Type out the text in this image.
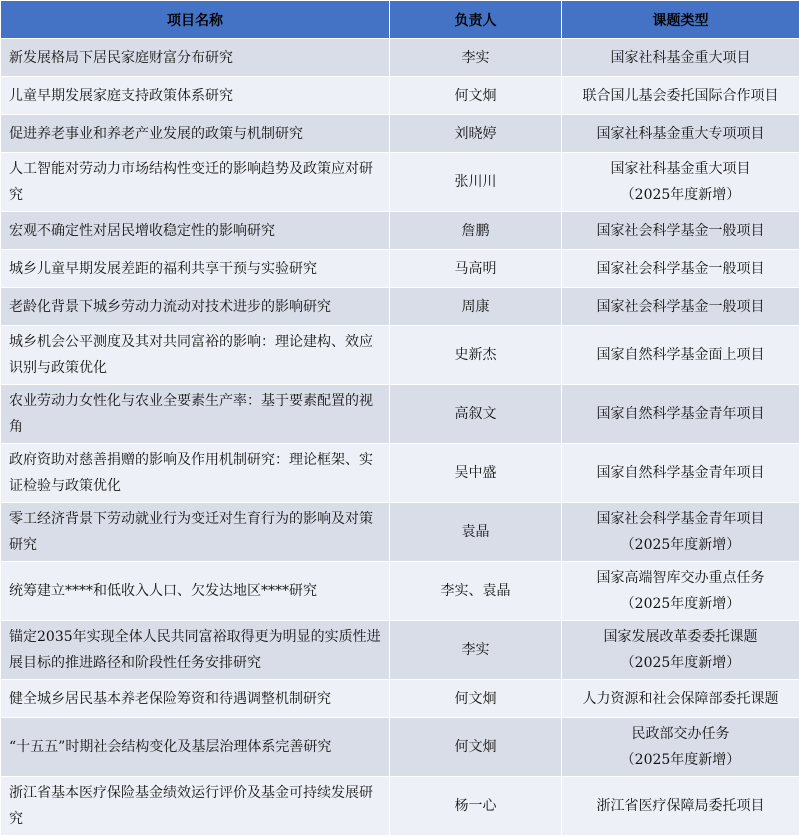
项目名称	负责人	课题类型
新发展格局下居民家庭财富分布研究	李实	国家社科基金重大项目

儿童早期发展家庭支持政策体系研究	何文炯	联合国儿基会委托国际合作项目

促进养老事业和养老产业发展的政策与机制研究	刘晓婷	国家社科基金重大专项项目

人工智能对劳动力市场结构性变迁的影响趋势及政策应对研究	张川川	国家社科基金重大项目
（2025年度新增）

宏观不确定性对居民增收稳定性的影响研究	詹鹏	国家社会科学基金一般项目

城乡儿童早期发展差距的福利共享干预与实验研究	马高明	国家社会科学基金一般项目

老龄化背景下城乡劳动力流动对技术进步的影响研究	周康	国家社会科学基金一般项目

城乡机会公平测度及其对共同富裕的影响：理论建构、效应识别与政策优化	史新杰	国家自然科学基金面上项目

农业劳动力女性化与农业全要素生产率：基于要素配置的视角	高叙文	国家自然科学基金青年项目

政府资助对慈善捐赠的影响及作用机制研究：理论框架、实证检验与政策优化	吴中盛	国家自然科学基金青年项目

零工经济背景下劳动就业行为变迁对生育行为的影响及对策研究	袁晶	国家社会科学基金青年项目
（2025年度新增）

统筹建立****和低收入人口、欠发达地区****研究	李实、袁晶	国家高端智库交办重点任务
（2025年度新增）

锚定2035年实现全体人民共同富裕取得更为明显的实质性进展目标的推进路径和阶段性任务安排研究	李实	国家发展改革委委托课题
（2025年度新增）

健全城乡居民基本养老保险筹资和待遇调整机制研究	何文炯	人力资源和社会保障部委托课题

“十五五”时期社会结构变化及基层治理体系完善研究	何文炯	民政部交办任务
（2025年度新增）

浙江省基本医疗保险基金绩效运行评价及基金可持续发展研究	杨一心	浙江省医疗保障局委托项目
